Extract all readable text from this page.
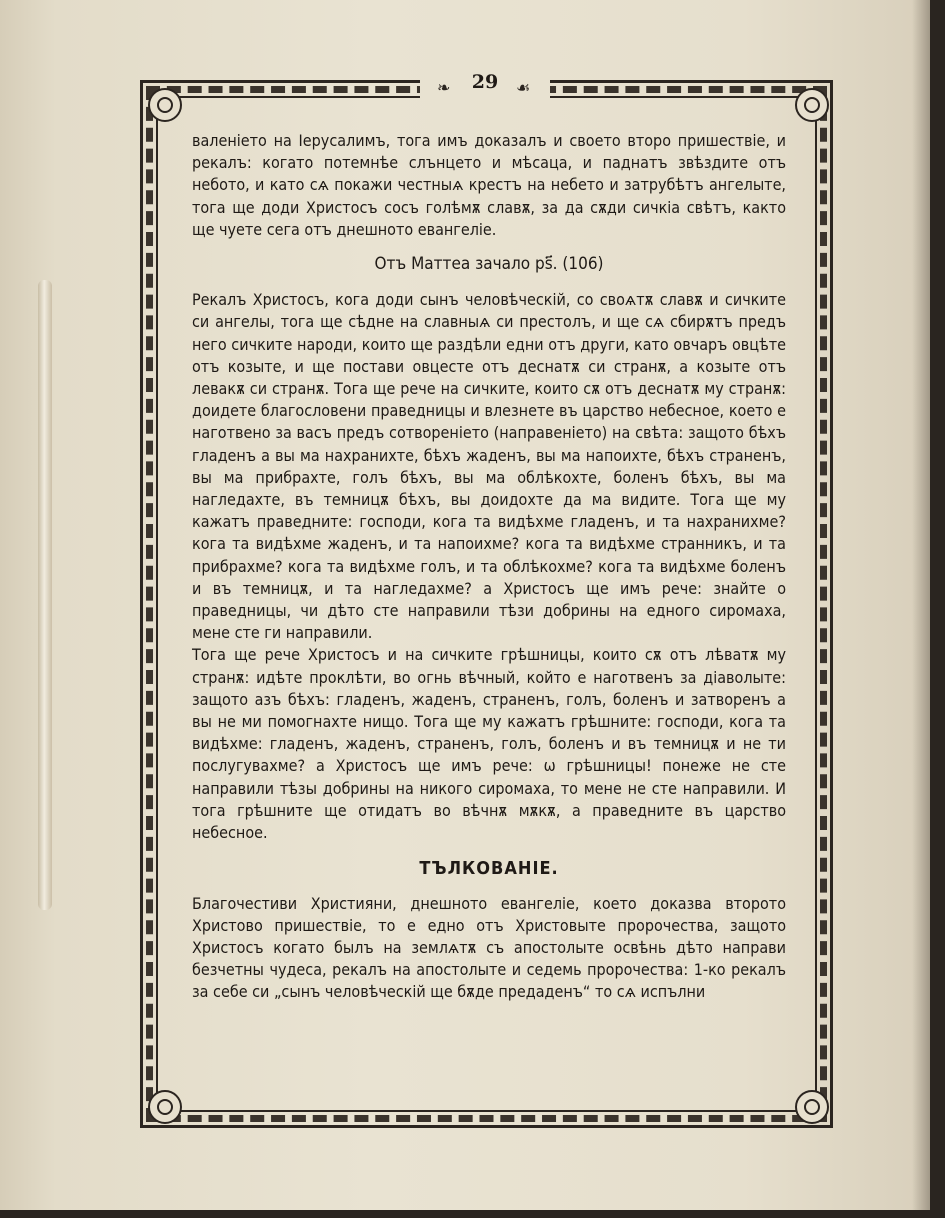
❧	29	☙

валенiето на Iерусалимъ, тога имъ доказалъ и своето второ пришествiе, и рекалъ: когато потемнѣе слънцето и мѣсаца, и паднатъ звѣздите отъ небото, и като сѧ покажи честныѧ крестъ на небето и затрубѣтъ ангелыте, тога ще доди Христосъ сосъ голѣмѫ славѫ, за да сѫди сичкiа свѣтъ, както ще чуете сега отъ днешното евангелiе.

Отъ Маттеа зачало рѕ҃. (106)

Рекалъ Христосъ, кога доди сынъ человѣческiй, со своѧтѫ славѫ и сичките си ангелы, тога ще сѣдне на славныѧ си престолъ, и ще сѧ сбирѫтъ предъ него сичките народи, които ще раздѣли едни отъ други, като овчаръ овцѣте отъ козыте, и ще постави овцесте отъ деснатѫ си странѫ, а козыте отъ левакѫ си странѫ. Тога ще рече на сичките, които сѫ отъ деснатѫ му странѫ: доидете благословени праведницы и влезнете въ царство небесное, което е наготвено за васъ предъ сотворенiето (направенiето) на свѣта: защото бѣхъ гладенъ а вы ма нахранихте, бѣхъ жаденъ, вы ма напоихте, бѣхъ страненъ, вы ма прибрахте, голъ бѣхъ, вы ма облѣкохте, боленъ бѣхъ, вы ма нагледахте, въ темницѫ бѣхъ, вы доидохте да ма видите. Тога ще му кажатъ праведните: господи, кога та видѣхме гладенъ, и та нахранихме? кога та видѣхме жаденъ, и та напоихме? кога та видѣхме странникъ, и та прибрахме? кога та видѣхме голъ, и та облѣкохме? кога та видѣхме боленъ и въ темницѫ, и та нагледахме? а Христосъ ще имъ рече: знайте о праведницы, чи дѣто сте направили тѣзи добрины на едного сиромаха, мене сте ги направили.

Тога ще рече Христосъ и на сичките грѣшницы, които сѫ отъ лѣватѫ му странѫ: идѣте проклѣти, во огнь вѣчный, който е наготвенъ за дiаволыте: защото азъ бѣхъ: гладенъ, жаденъ, страненъ, голъ, боленъ и затворенъ а вы не ми помогнахте нищо. Тога ще му кажатъ грѣшните: господи, кога та видѣхме: гладенъ, жаденъ, страненъ, голъ, боленъ и въ темницѫ и не ти послугувахме? а Христосъ ще имъ рече: ѡ грѣшницы! понеже не сте направили тѣзы добрины на никого сиромаха, то мене не сте направили. И тога грѣшните ще отидатъ во вѣчнѫ мѫкѫ, а праведните въ царство небесное.

ТЪЛКОВАНIЕ.

Благочестиви Християни, днешното евангелiе, което доказва второто Христово пришествiе, то е едно отъ Христовыте пророчества, защото Христосъ когато былъ на землѧтѫ съ апостолыте освѣнь дѣто направи безчетны чудеса, рекалъ на апостолыте и седемь пророчества: 1-ко рекалъ за себе си „сынъ человѣческiй ще бѫде предаденъ“ то сѧ испълни
